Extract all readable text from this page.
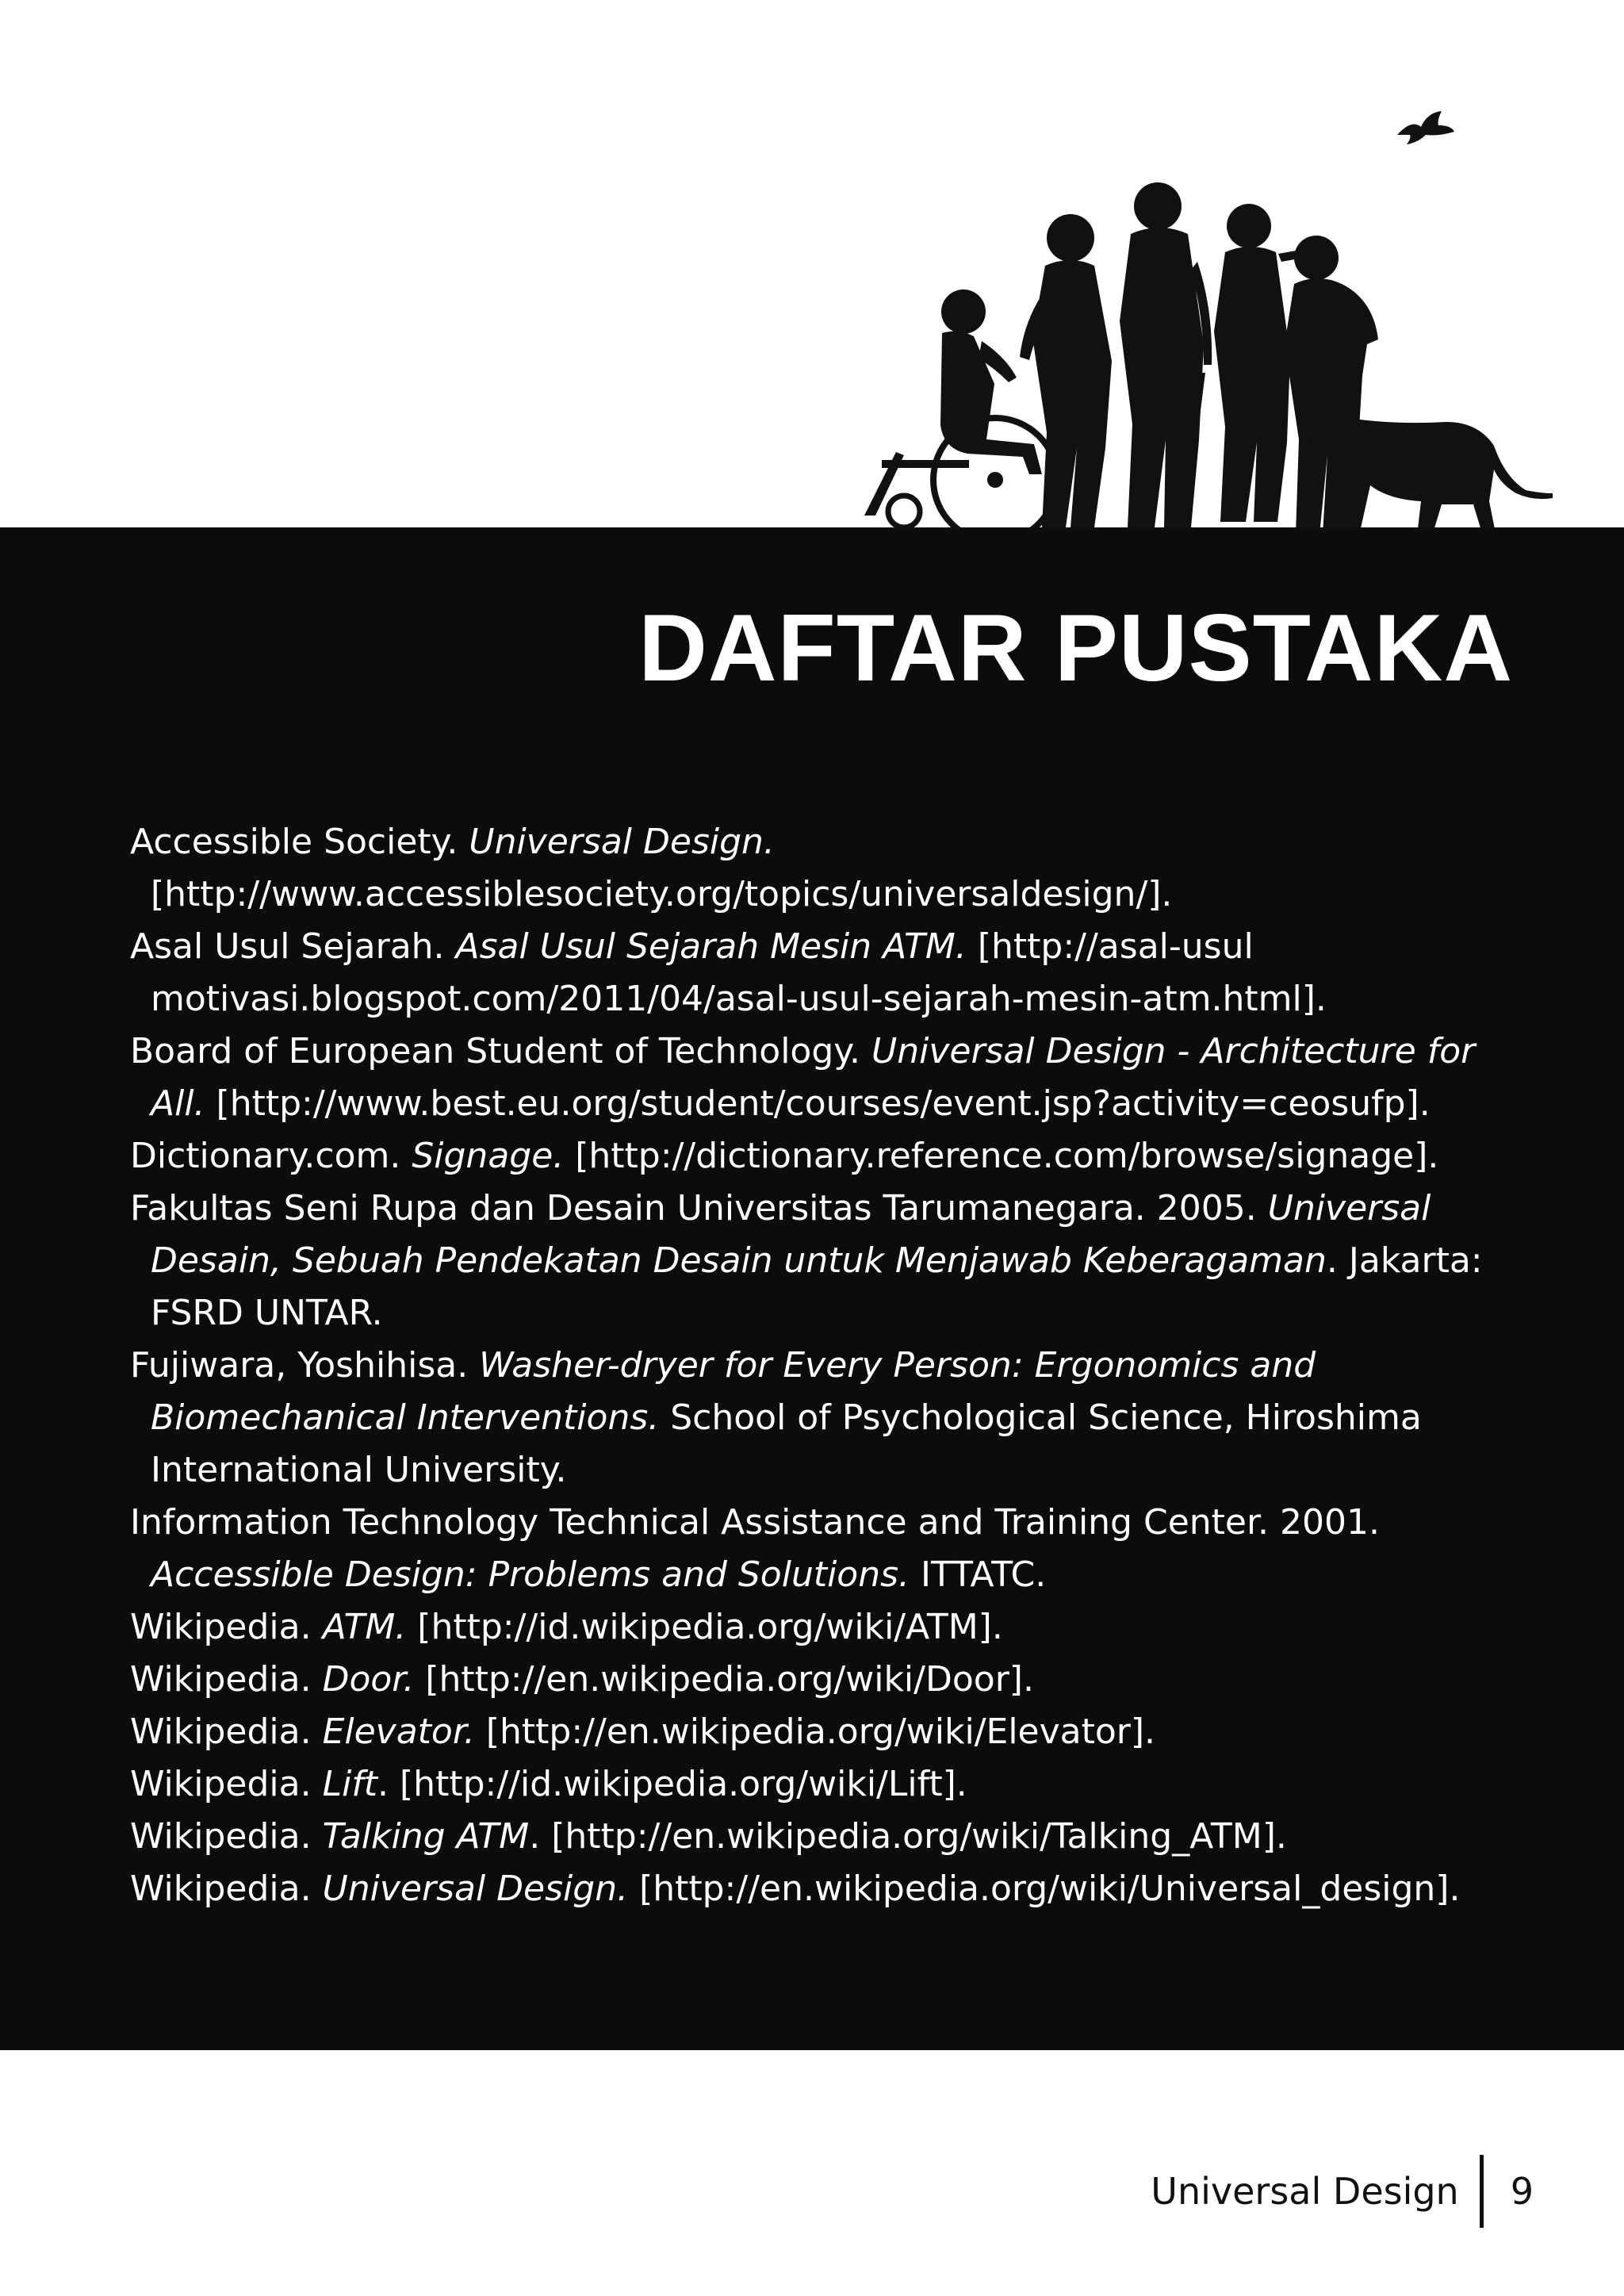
DAFTAR PUSTAKA
Accessible Society. Universal Design.
[http://www.accessiblesociety.org/topics/universaldesign/].
Asal Usul Sejarah. Asal Usul Sejarah Mesin ATM. [http://asal-usul
motivasi.blogspot.com/2011/04/asal-usul-sejarah-mesin-atm.html].
Board of European Student of Technology. Universal Design - Architecture for
All. [http://www.best.eu.org/student/courses/event.jsp?activity=ceosufp].
Dictionary.com. Signage. [http://dictionary.reference.com/browse/signage].
Fakultas Seni Rupa dan Desain Universitas Tarumanegara. 2005. Universal
Desain, Sebuah Pendekatan Desain untuk Menjawab Keberagaman. Jakarta:
FSRD UNTAR.
Fujiwara, Yoshihisa. Washer-dryer for Every Person: Ergonomics and
Biomechanical Interventions. School of Psychological Science, Hiroshima
International University.
Information Technology Technical Assistance and Training Center. 2001.
Accessible Design: Problems and Solutions. ITTATC.
Wikipedia. ATM. [http://id.wikipedia.org/wiki/ATM].
Wikipedia. Door. [http://en.wikipedia.org/wiki/Door].
Wikipedia. Elevator. [http://en.wikipedia.org/wiki/Elevator].
Wikipedia. Lift. [http://id.wikipedia.org/wiki/Lift].
Wikipedia. Talking ATM. [http://en.wikipedia.org/wiki/Talking_ATM].
Wikipedia. Universal Design. [http://en.wikipedia.org/wiki/Universal_design].
Universal Design 9
